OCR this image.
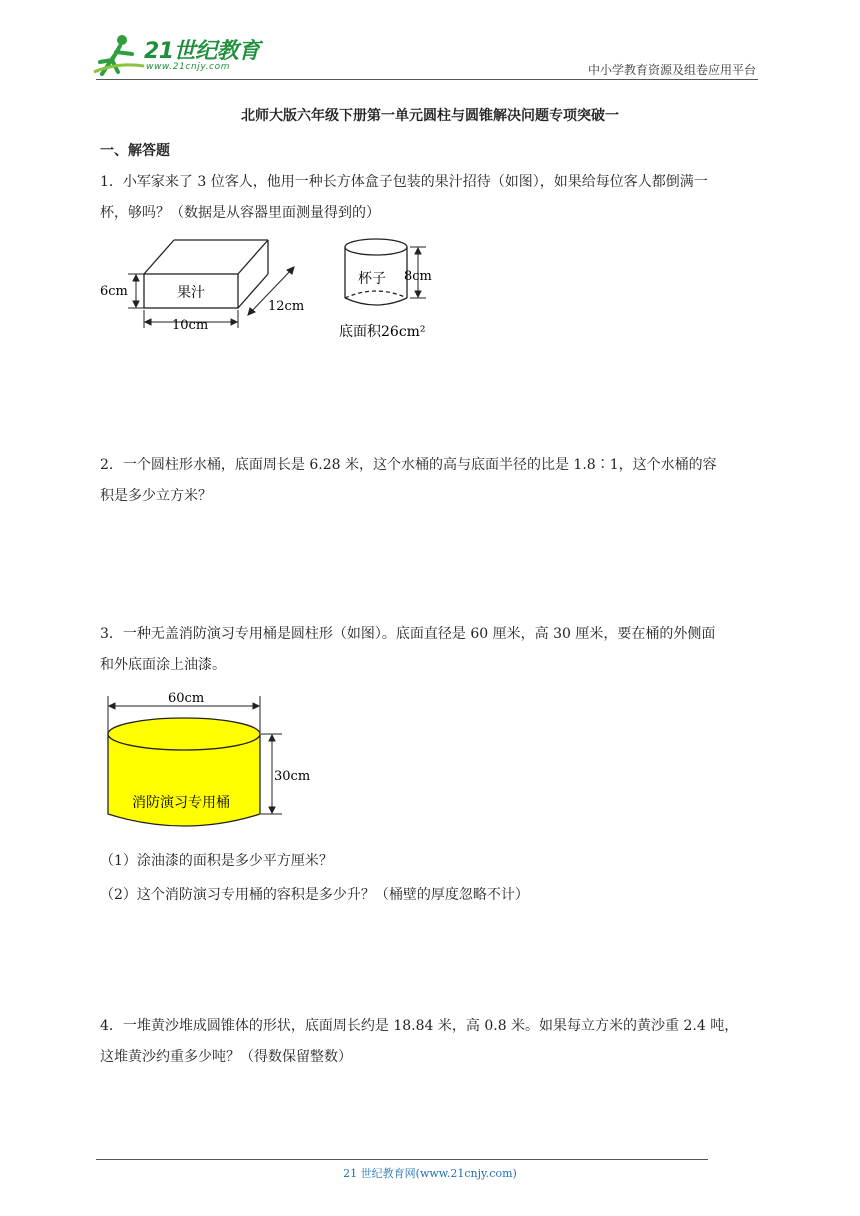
21世纪教育
www.21cnjy.com	中小学教育资源及组卷应用平台
北师大版六年级下册第一单元圆柱与圆锥解决问题专项突破一
一、解答题

1．小军家来了 3 位客人，他用一种长方体盒子包装的果汁招待（如图），如果给每位客人都倒满一

杯，够吗？（数据是从容器里面测量得到的）

果汁
6cm
10cm
12cm
杯子 8cm
底面积26cm²

2．一个圆柱形水桶，底面周长是 6.28 米，这个水桶的高与底面半径的比是 1.8∶1，这个水桶的容

积是多少立方米？

3．一种无盖消防演习专用桶是圆柱形（如图）。底面直径是 60 厘米，高 30 厘米，要在桶的外侧面

和外底面涂上油漆。

60cm
消防演习专用桶
30cm
（1）涂油漆的面积是多少平方厘米？
（2）这个消防演习专用桶的容积是多少升？（桶壁的厚度忽略不计）

4．一堆黄沙堆成圆锥体的形状，底面周长约是 18.84 米，高 0.8 米。如果每立方米的黄沙重 2.4 吨，

这堆黄沙约重多少吨？（得数保留整数）

21 世纪教育网(www.21cnjy.com)
